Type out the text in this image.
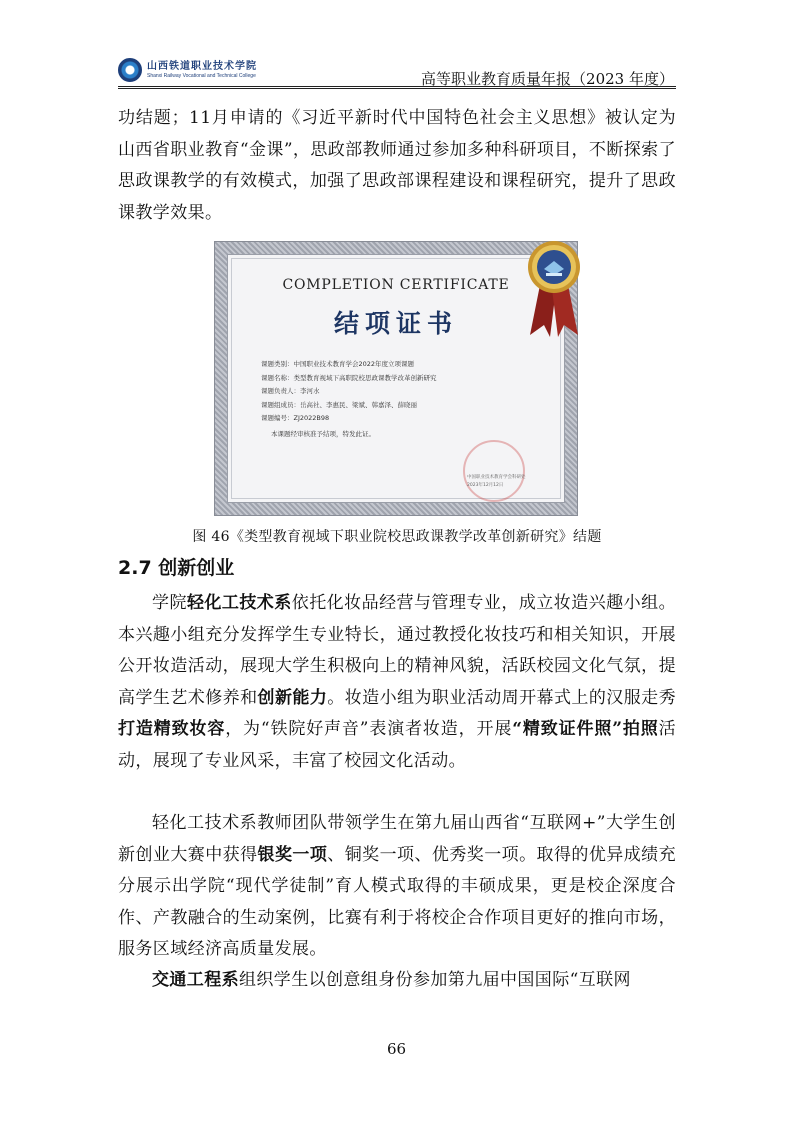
山西铁道职业技术学院
Shanxi Railway Vocational and Technical College	高等职业教育质量年报（2023 年度）

功结题；11月申请的《习近平新时代中国特色社会主义思想》被认定为山西省职业教育“金课”，思政部教师通过参加多种科研项目，不断探索了思政课教学的有效模式，加强了思政部课程建设和课程研究，提升了思政课教学效果。

COMPLETION CERTIFICATE
结项证书
课题类别：中国职业技术教育学会2022年度立项课题
课题名称：类型教育视域下高职院校思政课教学改革创新研究
课题负责人：李河水
课题组成员：岳高社、李惠民、梁斌、韩嘉泽、薛晓丽
课题编号：ZJ2022B98
本课题经审核准予结项，特发此证。
中国职业技术教育学会科研处
2023年12月12日
图 46《类型教育视域下职业院校思政课教学改革创新研究》结题
2.7 创新创业

学院轻化工技术系依托化妆品经营与管理专业，成立妆造兴趣小组。本兴趣小组充分发挥学生专业特长，通过教授化妆技巧和相关知识，开展公开妆造活动，展现大学生积极向上的精神风貌，活跃校园文化气氛，提高学生艺术修养和创新能力。妆造小组为职业活动周开幕式上的汉服走秀打造精致妆容，为“铁院好声音”表演者妆造，开展“精致证件照”拍照活动，展现了专业风采，丰富了校园文化活动。

轻化工技术系教师团队带领学生在第九届山西省“互联网+”大学生创新创业大赛中获得银奖一项、铜奖一项、优秀奖一项。取得的优异成绩充分展示出学院“现代学徒制”育人模式取得的丰硕成果，更是校企深度合作、产教融合的生动案例，比赛有利于将校企合作项目更好的推向市场，服务区域经济高质量发展。

交通工程系组织学生以创意组身份参加第九届中国国际“互联网

66
